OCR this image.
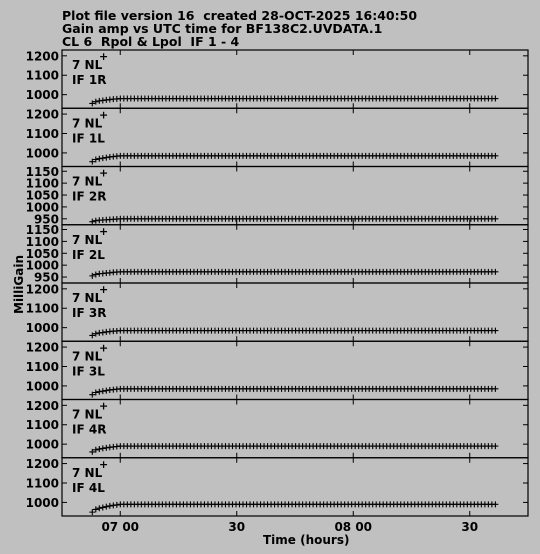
Plot file version 16  created 28-OCT-2025 16:40:50
Gain amp vs UTC time for BF138C2.UVDATA.1
CL 6  Rpol & Lpol  IF 1 - 4
1000
1100
1200
7 NL
+
IF 1R
1000
1100
1200
7 NL
+
IF 1L
950
1000
1050
1100
1150
7 NL
+
IF 2R
950
1000
1050
1100
1150
7 NL
+
IF 2L
1000
1100
1200
7 NL
+
IF 3R
1000
1100
1200
7 NL
+
IF 3L
1000
1100
1200
7 NL
+
IF 4R
1000
1100
1200
7 NL
+
IF 4L
07 00	30	08 00	30
MilliGain
Time (hours)
